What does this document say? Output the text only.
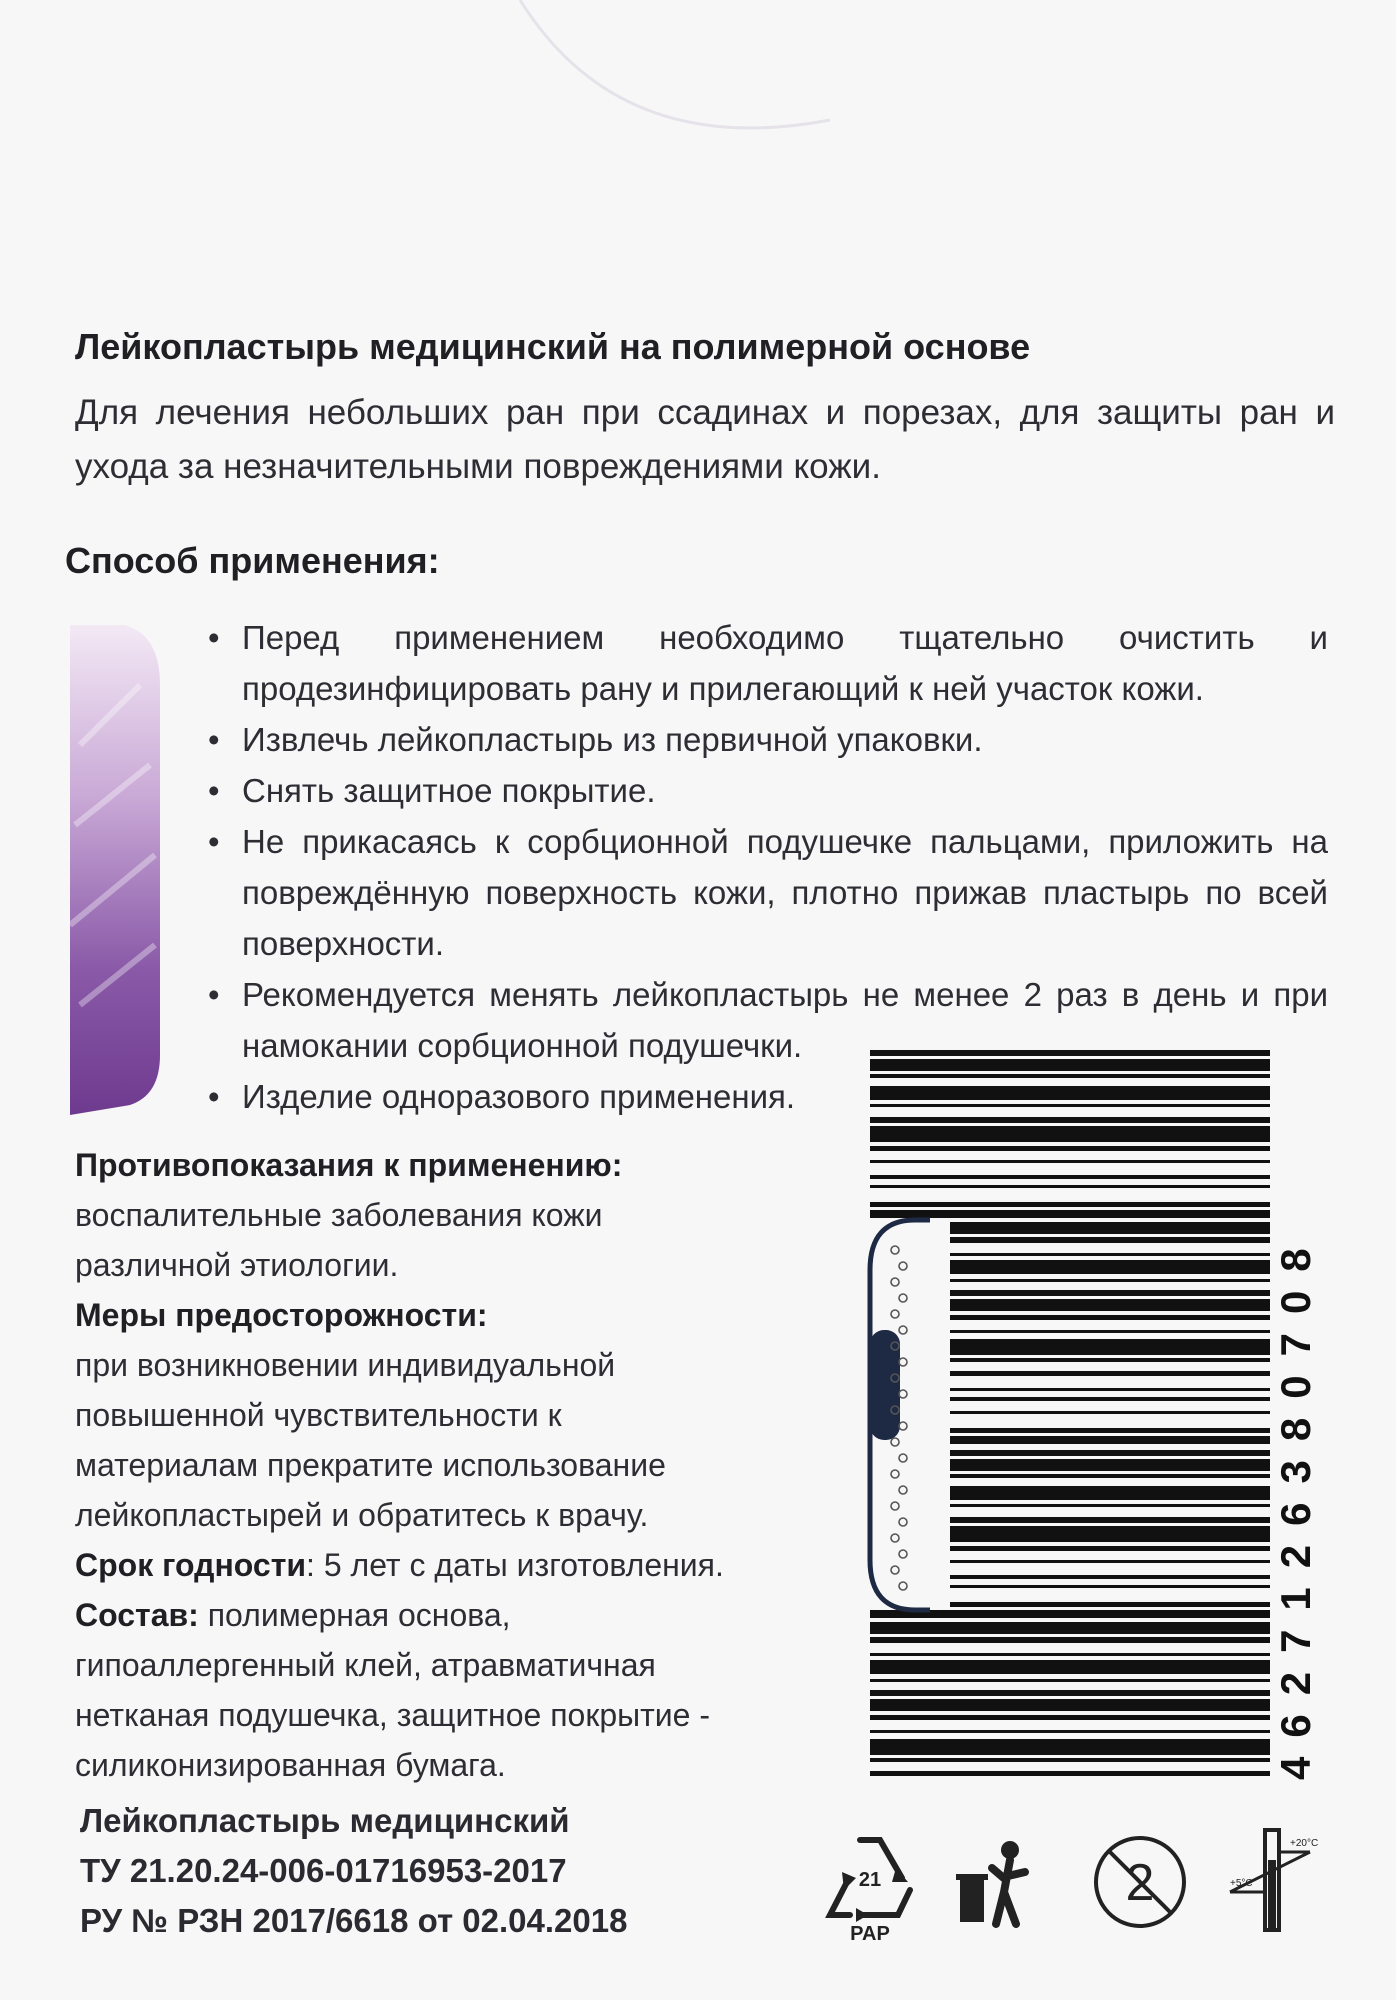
Лейкопластырь медицинский на полимерной основе
Для лечения небольших ран при ссадинах и порезах, для защиты ран и ухода за незначительными повреждениями кожи.
Способ применения:
• Перед применением необходимо тщательно очистить и продезинфицировать рану и прилегающий к ней участок кожи.
• Извлечь лейкопластырь из первичной упаковки.
• Снять защитное покрытие.
• Не прикасаясь к сорбционной подушечке пальцами, приложить на повреждённую поверхность кожи, плотно прижав пластырь по всей поверхности.
• Рекомендуется менять лейкопластырь не менее 2 раз в день и при намокании сорбционной подушечки.
• Изделие одноразового применения.

Противопоказания к применению:

воспалительные заболевания кожи различной этиологии.

Меры предосторожности:

при возникновении индивидуальной повышенной чувствительности к материалам прекратите использование лейкопластырей и обратитесь к врачу.

Срок годности: 5 лет с даты изготовления.

Состав: полимерная основа, гипоаллергенный клей, атравматичная нетканая подушечка, защитное покрытие - силиконизированная бумага.

Лейкопластырь медицинский
ТУ 21.20.24-006-01716953-2017
РУ № РЗН 2017/6618 от 02.04.2018
4627126380708
21
PAP
2
+20°C
+5°C
